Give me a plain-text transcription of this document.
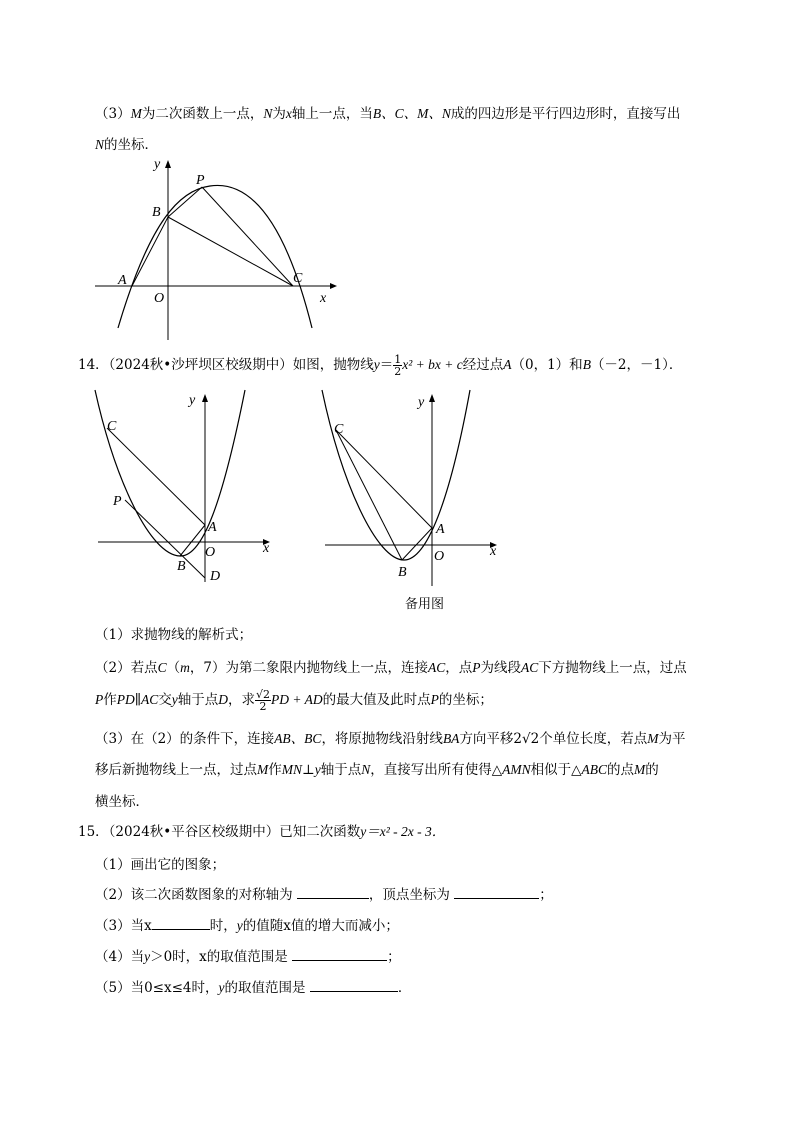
（3）M为二次函数上一点，N为x轴上一点，当B、C、M、N成的四边形是平行四边形时，直接写出
N的坐标．
y
P
B
A
O
C
x
14．（2024秋•沙坪坝区校级期中）如图，抛物线$y= \frac{1}{2} x^2$ + bx + c经过点A（0，1）和B（－2，－1）．
y
C
P
A
O
B
D
x
y
C
A
O
B
x
备用图
（1）求抛物线的解析式；
（2）若点C（m，7）为第二象限内抛物线上一点，连接AC，点P为线段AC下方抛物线上一点，过点
P作PD∥AC交y轴于点D，求 $\frac{√2}{2}$ PD + AD的最大值及此时点P的坐标；
（3）在（2）的条件下，连接AB、BC，将原抛物线沿射线BA方向平移2√2个单位长度，若点M为平
移后新抛物线上一点，过点M作MN⊥y轴于点N，直接写出所有使得△AMN相似于△ABC的点M的
横坐标．
15．（2024秋•平谷区校级期中）已知二次函数y＝x² - 2x - 3．
（1）画出它的图象；
（2）该二次函数图象的对称轴为	，顶点坐标为	；
（3）当x	时，y的值随x值的增大而减小；
（4）当y＞0时，x的取值范围是	；
（5）当0≤x≤4时，y的取值范围是	．
